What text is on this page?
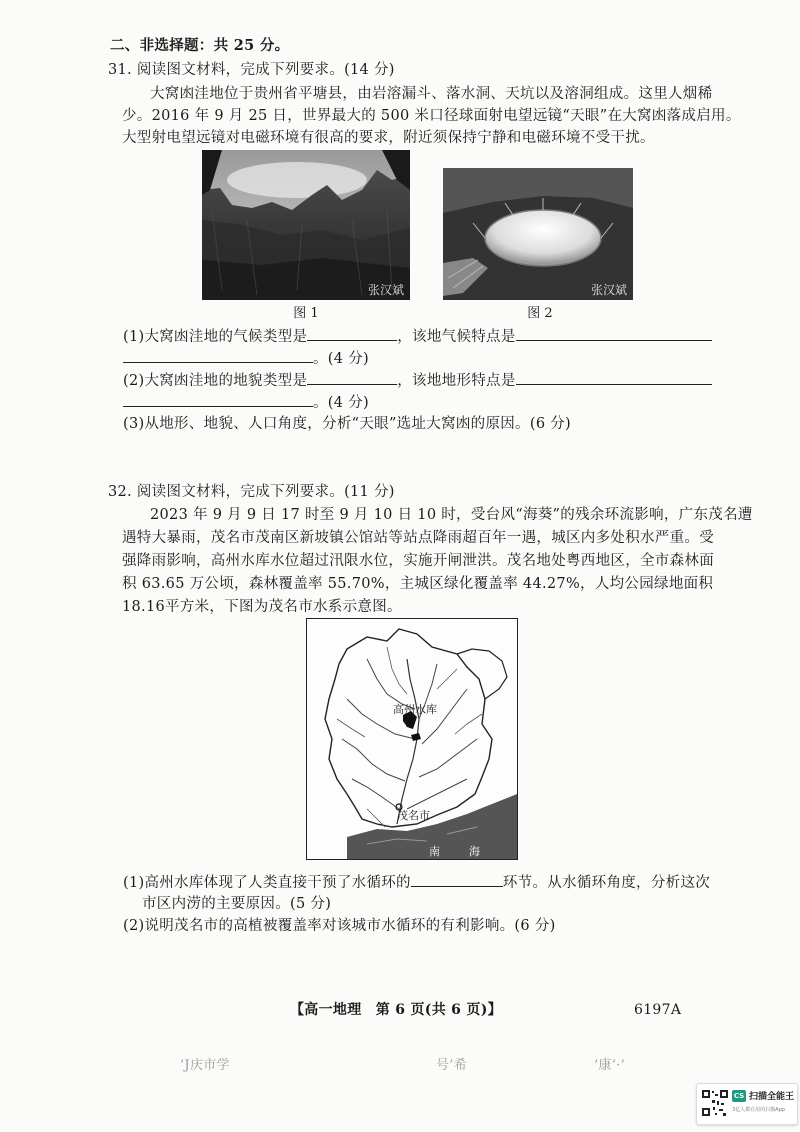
二、非选择题：共 25 分。
31. 阅读图文材料，完成下列要求。(14 分)
大窝凼洼地位于贵州省平塘县，由岩溶漏斗、落水洞、天坑以及溶洞组成。这里人烟稀
少。2016 年 9 月 25 日，世界最大的 500 米口径球面射电望远镜“天眼”在大窝凼落成启用。
大型射电望远镜对电磁环境有很高的要求，附近须保持宁静和电磁环境不受干扰。
张汉斌
图 1
张汉斌
图 2
(1)大窝凼洼地的气候类型是	，该地气候特点是
。(4 分)
(2)大窝凼洼地的地貌类型是	，该地地形特点是
。(4 分)
(3)从地形、地貌、人口角度，分析“天眼”选址大窝凼的原因。(6 分)
32. 阅读图文材料，完成下列要求。(11 分)
2023 年 9 月 9 日 17 时至 9 月 10 日 10 时，受台风“海葵”的残余环流影响，广东茂名遭
遇特大暴雨，茂名市茂南区新坡镇公馆站等站点降雨超百年一遇，城区内多处积水严重。受
强降雨影响，高州水库水位超过汛限水位，实施开闸泄洪。茂名地处粤西地区，全市森林面
积 63.65 万公顷，森林覆盖率 55.70%，主城区绿化覆盖率 44.27%，人均公园绿地面积
18.16平方米，下图为茂名市水系示意图。
高州水库
茂名市
南	海
(1)高州水库体现了人类直接干预了水循环的	环节。从水循环角度，分析这次
市区内涝的主要原因。(5 分)
(2)说明茂名市的高植被覆盖率对该城市水循环的有利影响。(6 分)
【高一地理　第 6 页(共 6 页)】	6197A
’J庆市学	号’希	’康’·’
CS 扫描全能王
3亿人都在用的扫描App
